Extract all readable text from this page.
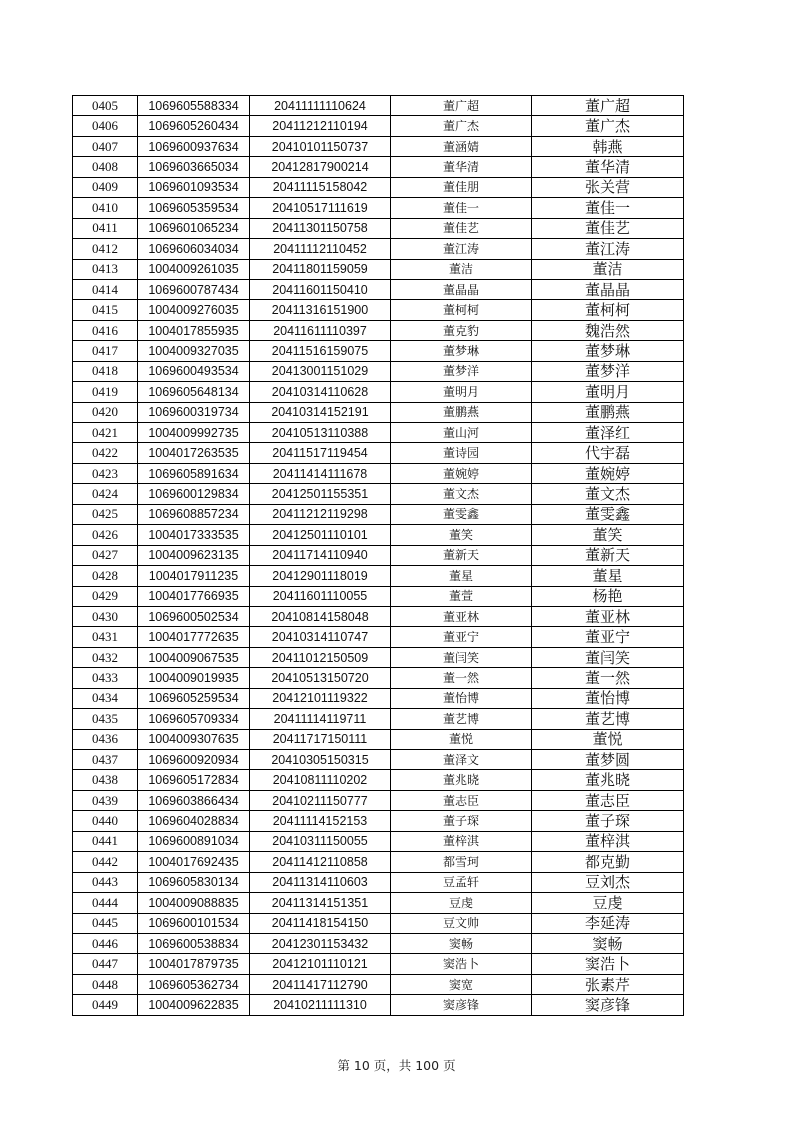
0405	1069605588334	20411111110624	董广超	董广超
0406	1069605260434	20411212110194	董广杰	董广杰
0407	1069600937634	20410101150737	董涵婧	韩燕
0408	1069603665034	20412817900214	董华清	董华清
0409	1069601093534	20411115158042	董佳朋	张关营
0410	1069605359534	20410517111619	董佳一	董佳一
0411	1069601065234	20411301150758	董佳艺	董佳艺
0412	1069606034034	20411112110452	董江涛	董江涛
0413	1004009261035	20411801159059	董洁	董洁
0414	1069600787434	20411601150410	董晶晶	董晶晶
0415	1004009276035	20411316151900	董柯柯	董柯柯
0416	1004017855935	20411611110397	董克豹	魏浩然
0417	1004009327035	20411516159075	董梦琳	董梦琳
0418	1069600493534	20413001151029	董梦洋	董梦洋
0419	1069605648134	20410314110628	董明月	董明月
0420	1069600319734	20410314152191	董鹏燕	董鹏燕
0421	1004009992735	20410513110388	董山河	董泽红
0422	1004017263535	20411517119454	董诗园	代宇磊
0423	1069605891634	20411414111678	董婉婷	董婉婷
0424	1069600129834	20412501155351	董文杰	董文杰
0425	1069608857234	20411212119298	董雯鑫	董雯鑫
0426	1004017333535	20412501110101	董笑	董笑
0427	1004009623135	20411714110940	董新天	董新天
0428	1004017911235	20412901118019	董星	董星
0429	1004017766935	20411601110055	董萱	杨艳
0430	1069600502534	20410814158048	董亚林	董亚林
0431	1004017772635	20410314110747	董亚宁	董亚宁
0432	1004009067535	20411012150509	董闫笑	董闫笑
0433	1004009019935	20410513150720	董一然	董一然
0434	1069605259534	20412101119322	董怡博	董怡博
0435	1069605709334	20411114119711	董艺博	董艺博
0436	1004009307635	20411717150111	董悦	董悦
0437	1069600920934	20410305150315	董泽文	董梦圆
0438	1069605172834	20410811110202	董兆晓	董兆晓
0439	1069603866434	20410211150777	董志臣	董志臣
0440	1069604028834	20411114152153	董子琛	董子琛
0441	1069600891034	20410311150055	董梓淇	董梓淇
0442	1004017692435	20411412110858	都雪珂	都克勤
0443	1069605830134	20411314110603	豆孟轩	豆刘杰
0444	1004009088835	20411314151351	豆虔	豆虔
0445	1069600101534	20411418154150	豆文帅	李延涛
0446	1069600538834	20412301153432	窦畅	窦畅
0447	1004017879735	20412101110121	窦浩卜	窦浩卜
0448	1069605362734	20411417112790	窦宽	张素芹
0449	1004009622835	20410211111310	窦彦锋	窦彦锋
第 10 页，共 100 页
